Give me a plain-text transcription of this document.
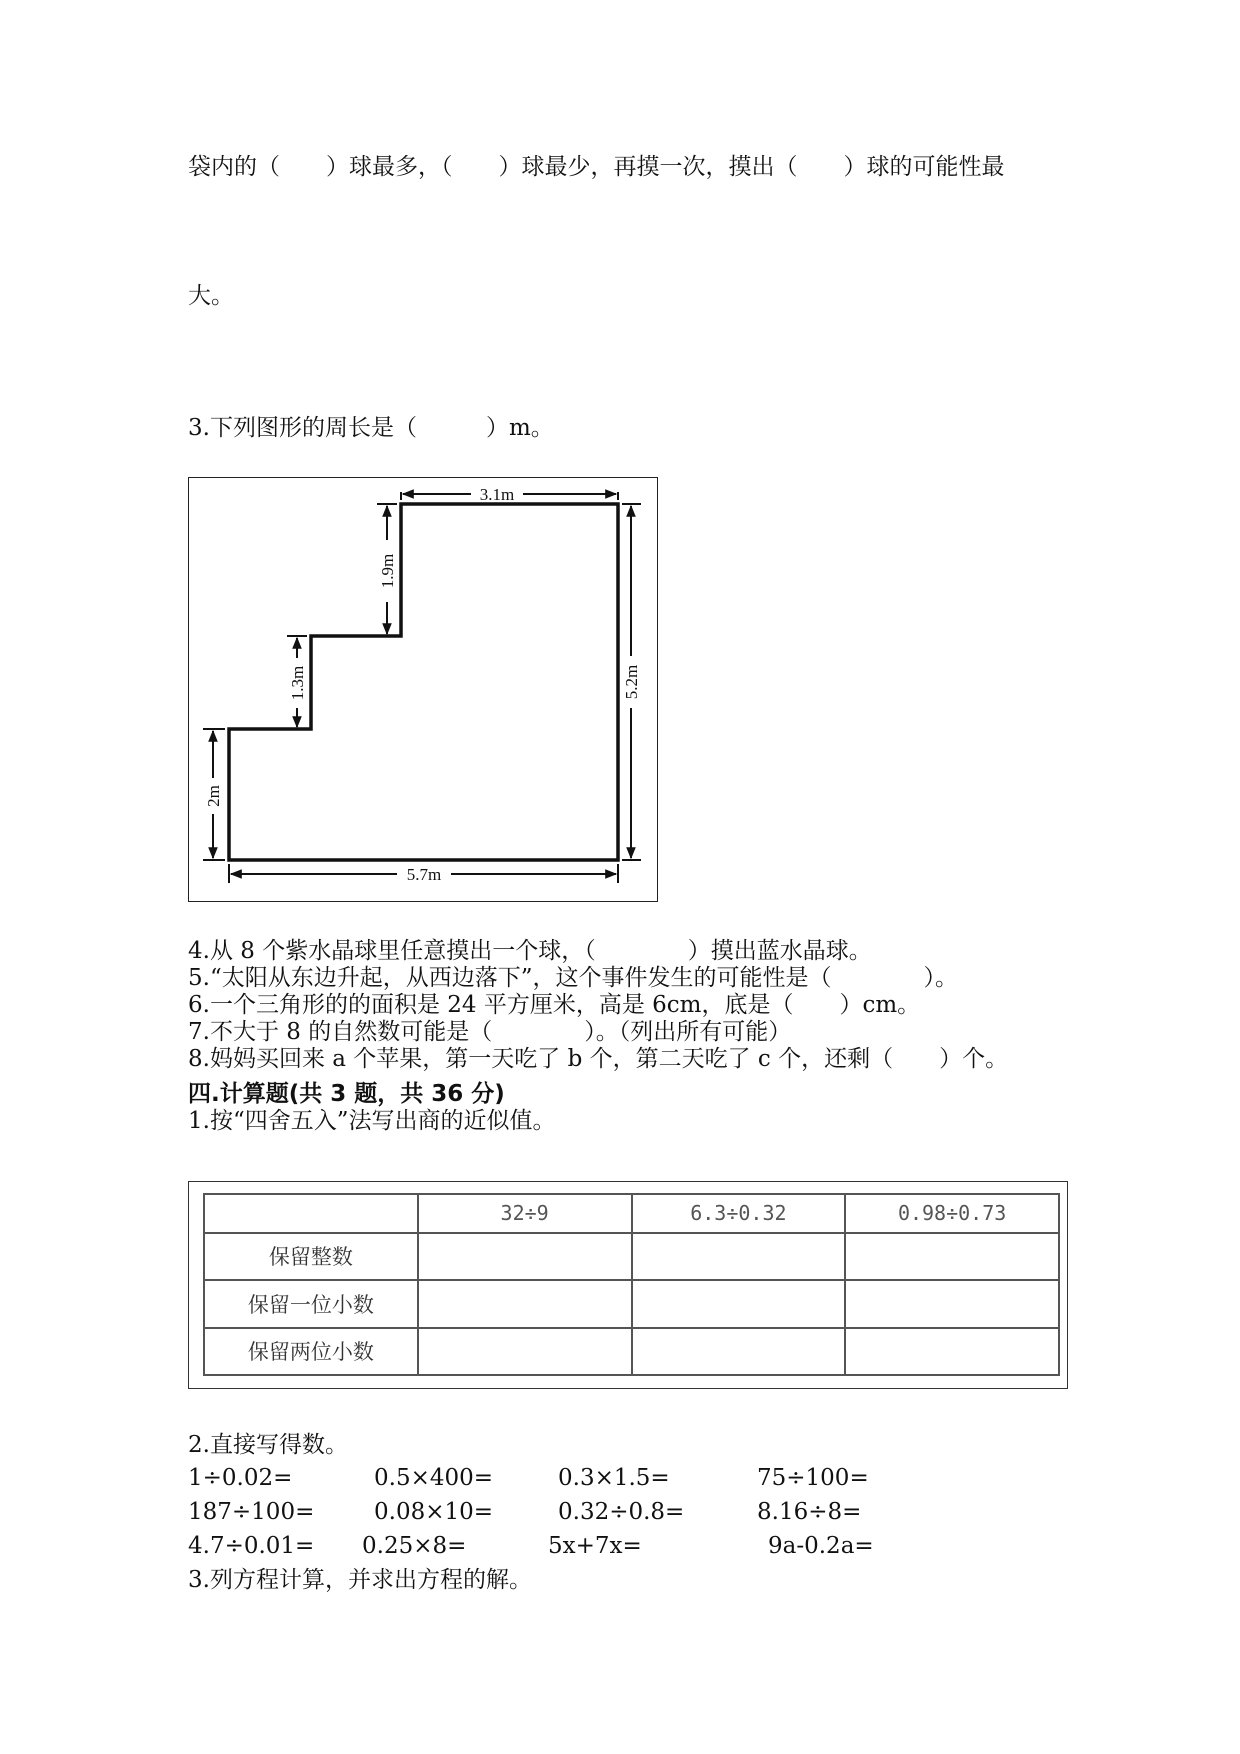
袋内的（　　）球最多，（　　）球最少，再摸一次，摸出（　　）球的可能性最
大。
3.下列图形的周长是（　　　）m。
3.1m
1.9m
1.3m
2m
5.2m
5.7m
4.从 8 个紫水晶球里任意摸出一个球，（　　　　）摸出蓝水晶球。
5.“太阳从东边升起，从西边落下”，这个事件发生的可能性是（　　　　）。
6.一个三角形的的面积是 24 平方厘米，高是 6cm，底是（　　）cm。
7.不大于 8 的自然数可能是（　　　　）。（列出所有可能）
8.妈妈买回来 a 个苹果，第一天吃了 b 个，第二天吃了 c 个，还剩（　　）个。
四.计算题(共 3 题，共 36 分)
1.按“四舍五入”法写出商的近似值。
	32÷9	6.3÷0.32	0.98÷0.73
保留整数			
保留一位小数			
保留两位小数			
2.直接写得数。
1÷0.02=	0.5×400=	0.3×1.5=	75÷100=
187÷100=	0.08×10=	0.32÷0.8=	8.16÷8=
4.7÷0.01= 0.25×8=	5x+7x=	9a-0.2a=
3.列方程计算，并求出方程的解。
